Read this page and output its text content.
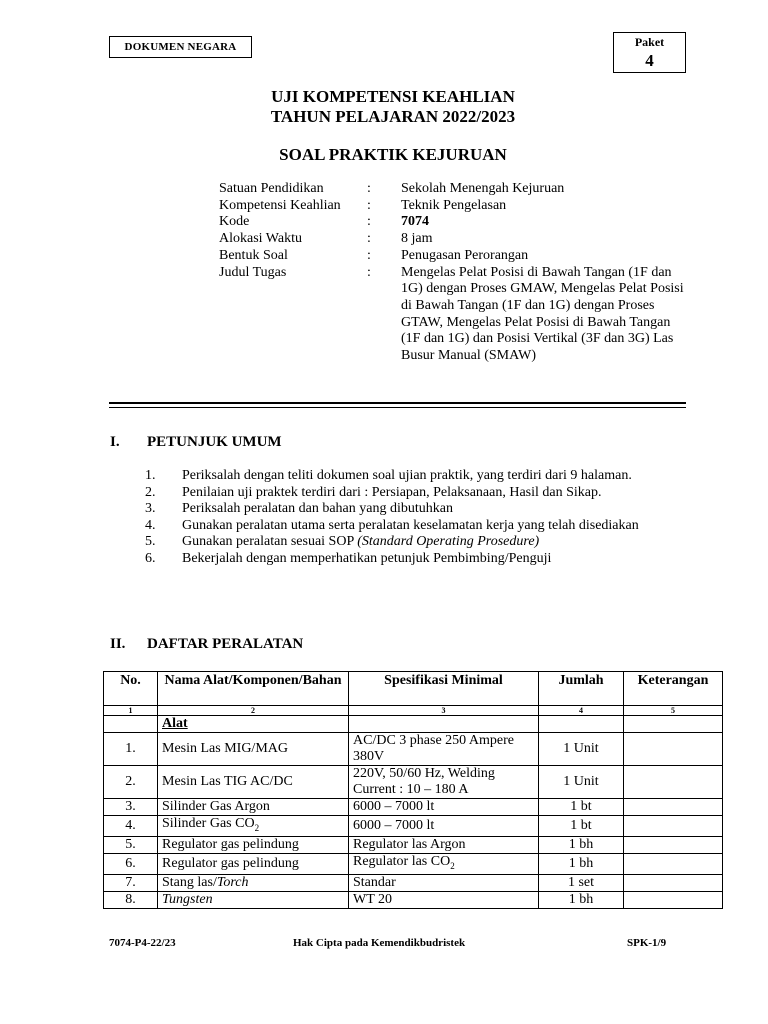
DOKUMEN NEGARA	Paket
4
UJI KOMPETENSI KEAHLIAN
TAHUN PELAJARAN 2022/2023
SOAL PRAKTIK KEJURUAN
Satuan Pendidikan	:	Sekolah Menengah Kejuruan
Kompetensi Keahlian	:	Teknik Pengelasan
Kode	:	7074
Alokasi Waktu	:	8 jam
Bentuk Soal	:	Penugasan Perorangan
Judul Tugas	:	Mengelas Pelat Posisi di Bawah Tangan (1F dan 1G) dengan Proses GMAW, Mengelas Pelat Posisi di Bawah Tangan (1F dan 1G) dengan Proses GTAW, Mengelas Pelat Posisi di Bawah Tangan (1F dan 1G) dan Posisi Vertikal (3F dan 3G) Las Busur Manual (SMAW)
I. PETUNJUK UMUM
1.	Periksalah dengan teliti dokumen soal ujian praktik, yang terdiri dari 9 halaman.
2.	Penilaian uji praktek terdiri dari : Persiapan, Pelaksanaan, Hasil dan Sikap.
3.	Periksalah peralatan dan bahan yang dibutuhkan
4.	Gunakan peralatan utama serta peralatan keselamatan kerja yang telah disediakan
5.	Gunakan peralatan sesuai SOP (Standard Operating Prosedure)
6.	Bekerjalah dengan memperhatikan petunjuk Pembimbing/Penguji
II. DAFTAR PERALATAN
No.	Nama Alat/Komponen/Bahan	Spesifikasi Minimal	Jumlah	Keterangan
1	2	3	4	5
	Alat			
1.	Mesin Las MIG/MAG	AC/DC 3 phase 250 Ampere 380V	1 Unit	
2.	Mesin Las TIG AC/DC	220V, 50/60 Hz, Welding Current : 10 – 180 A	1 Unit	
3.	Silinder Gas Argon	6000 – 7000 lt	1 bt	
4.	Silinder Gas $CO_2$	6000 – 7000 lt	1 bt	
5.	Regulator gas pelindung	Regulator las Argon	1 bh	
6.	Regulator gas pelindung	Regulator las $CO_2$	1 bh	
7.	Stang las/Torch	Standar	1 set	
8.	Tungsten	WT 20	1 bh	
7074-P4-22/23	Hak Cipta pada Kemendikbudristek	SPK-1/9
